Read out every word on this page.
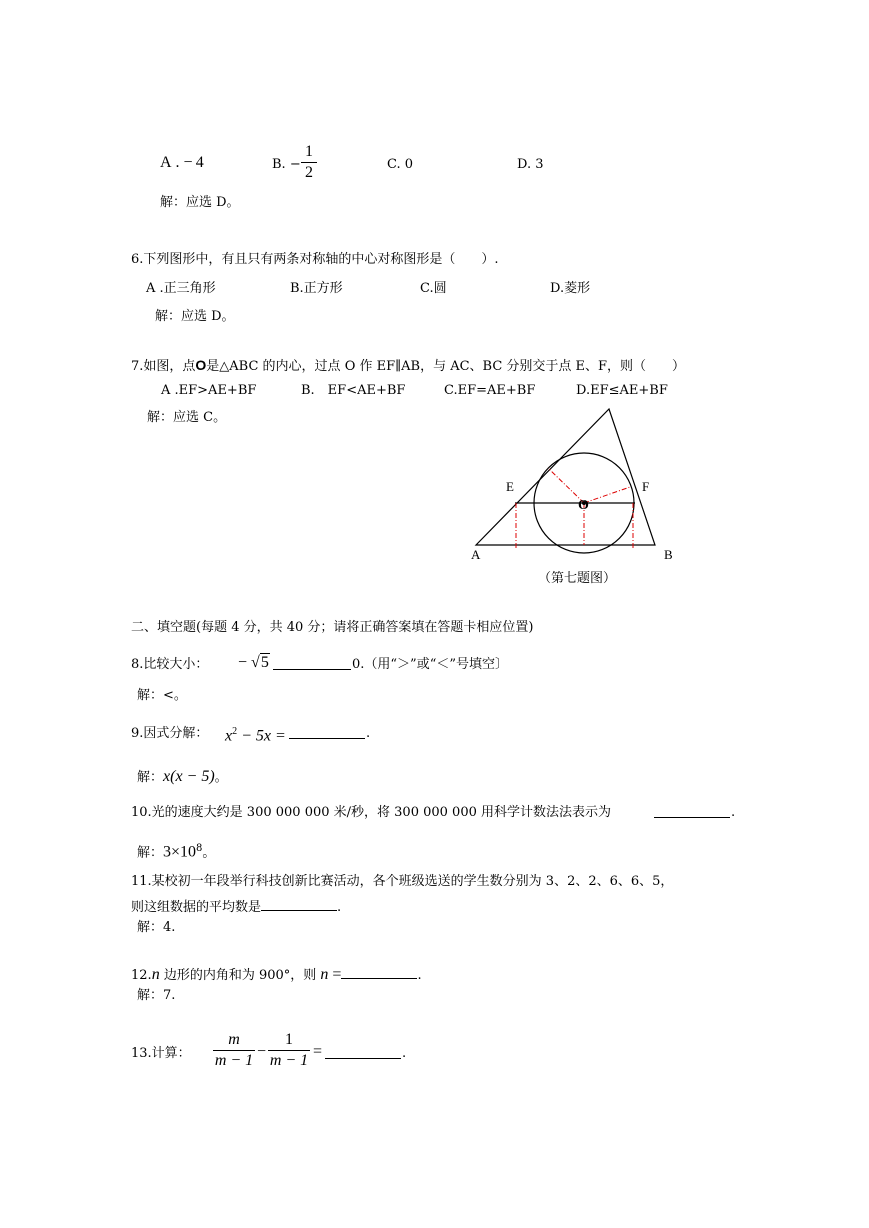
A . − 4	B. −
1
2	C. 0	D. 3
解：应选 D。
6.下列图形中，有且只有两条对称轴的中心对称图形是（　　）.
A .正三角形	B.正方形	C.圆	D.菱形
解：应选 D。
7.如图，点O是△ABC 的内心，过点 O 作 EF∥AB，与 AC、BC 分别交于点 E、F，则（　　）
A .EF>AE+BF	B.　EF<AE+BF	C.EF=AE+BF	D.EF≤AE+BF
解：应选 C。
E	F
O
A	B
（第七题图）
二、填空题(每题 4 分，共 40 分；请将正确答案填在答题卡相应位置)
8.比较大小： − √5	0.（用“＞”或“＜”号填空〕
解：<。
9.因式分解： $x^2 - 5x$ =	.
解：x(x − 5)。
10.光的速度大约是 300 000 000 米/秒，将 300 000 000 用科学计数法法表示为	.
解：$3\times 10^8$。
11.某校初一年段举行科技创新比赛活动，各个班级选送的学生数分别为 3、2、2、6、6、5，
则这组数据的平均数是	.
解：4.
12.n 边形的内角和为 900°，则 n =	.
解：7.
13.计算：
m
m − 1
−
1
m − 1
=	.
